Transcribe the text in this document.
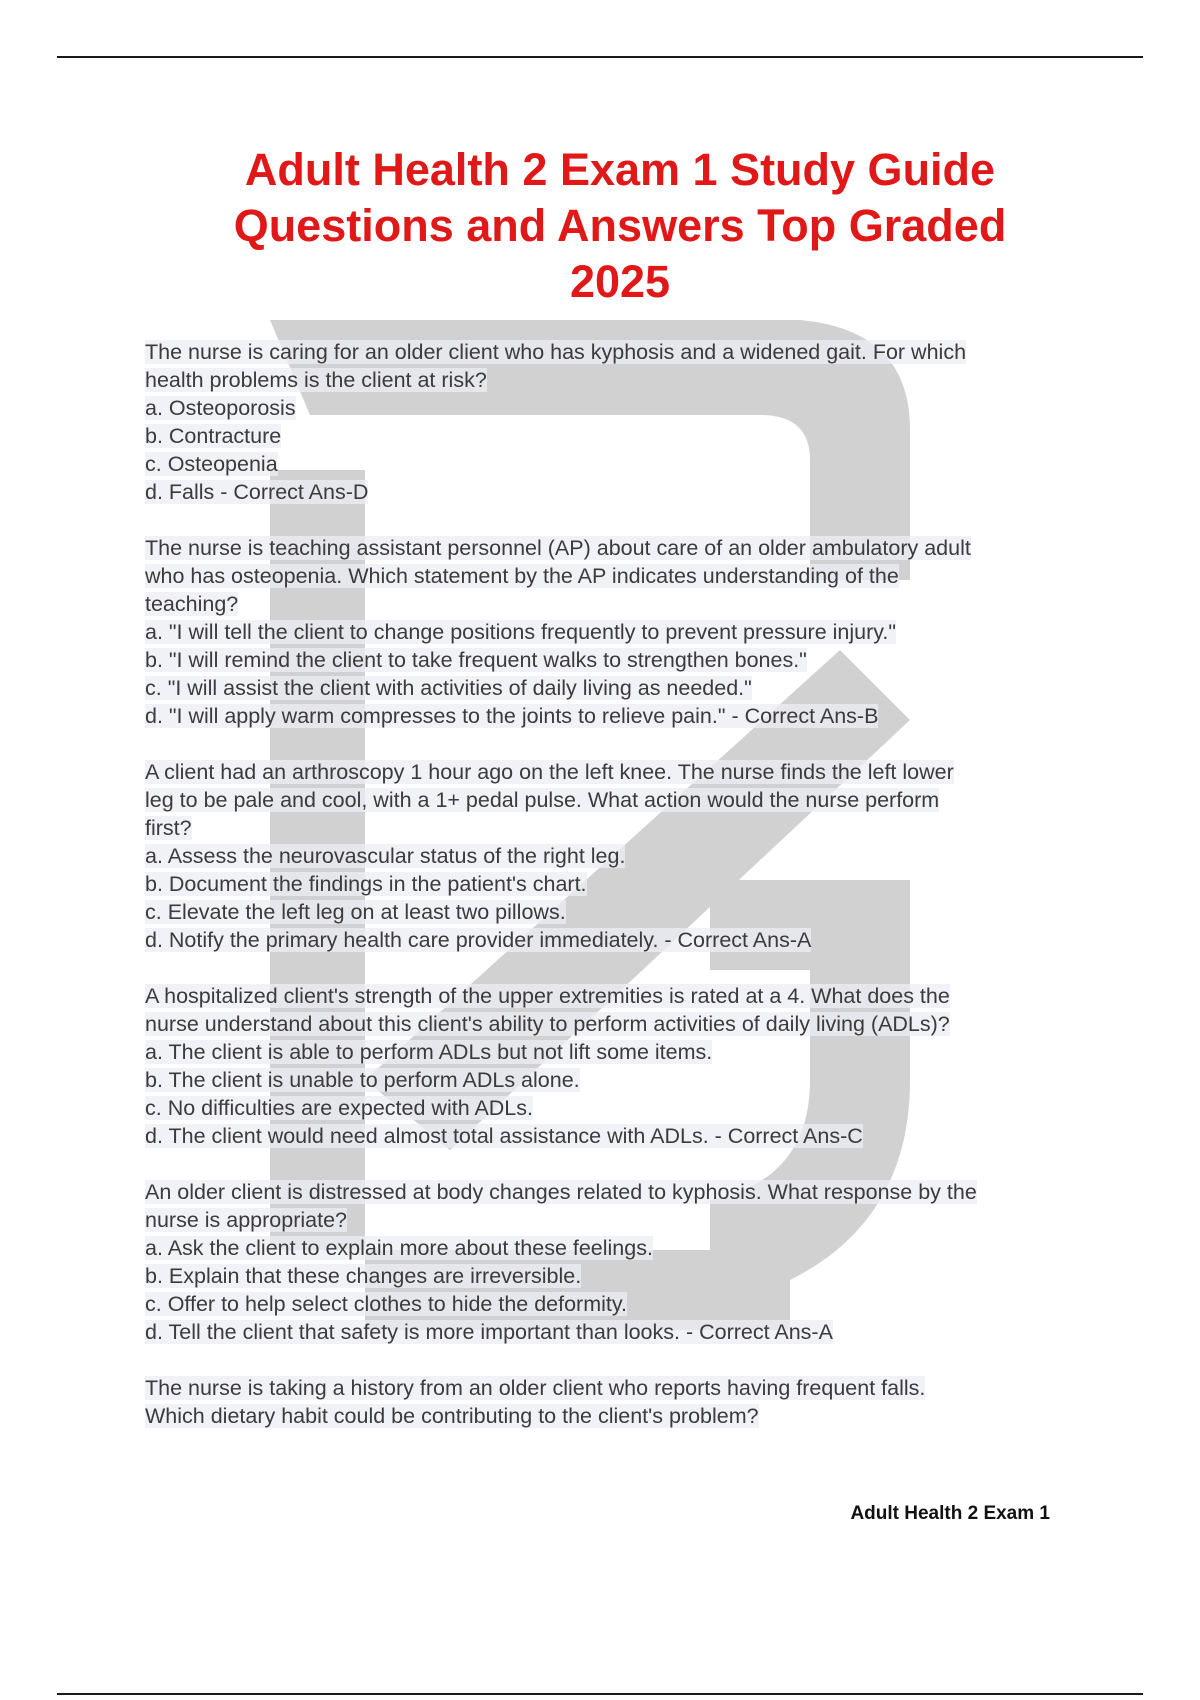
Adult Health 2 Exam 1 Study Guide
Questions and Answers Top Graded
2025
The nurse is caring for an older client who has kyphosis and a widened gait. For which
health problems is the client at risk?
a. Osteoporosis
b. Contracture
c. Osteopenia
d. Falls - Correct Ans-D
The nurse is teaching assistant personnel (AP) about care of an older ambulatory adult
who has osteopenia. Which statement by the AP indicates understanding of the
teaching?
a. "I will tell the client to change positions frequently to prevent pressure injury."
b. "I will remind the client to take frequent walks to strengthen bones."
c. "I will assist the client with activities of daily living as needed."
d. "I will apply warm compresses to the joints to relieve pain." - Correct Ans-B
A client had an arthroscopy 1 hour ago on the left knee. The nurse finds the left lower
leg to be pale and cool, with a 1+ pedal pulse. What action would the nurse perform
first?
a. Assess the neurovascular status of the right leg.
b. Document the findings in the patient's chart.
c. Elevate the left leg on at least two pillows.
d. Notify the primary health care provider immediately. - Correct Ans-A
A hospitalized client's strength of the upper extremities is rated at a 4. What does the
nurse understand about this client's ability to perform activities of daily living (ADLs)?
a. The client is able to perform ADLs but not lift some items.
b. The client is unable to perform ADLs alone.
c. No difficulties are expected with ADLs.
d. The client would need almost total assistance with ADLs. - Correct Ans-C
An older client is distressed at body changes related to kyphosis. What response by the
nurse is appropriate?
a. Ask the client to explain more about these feelings.
b. Explain that these changes are irreversible.
c. Offer to help select clothes to hide the deformity.
d. Tell the client that safety is more important than looks. - Correct Ans-A
The nurse is taking a history from an older client who reports having frequent falls.
Which dietary habit could be contributing to the client's problem?
Adult Health 2 Exam 1
